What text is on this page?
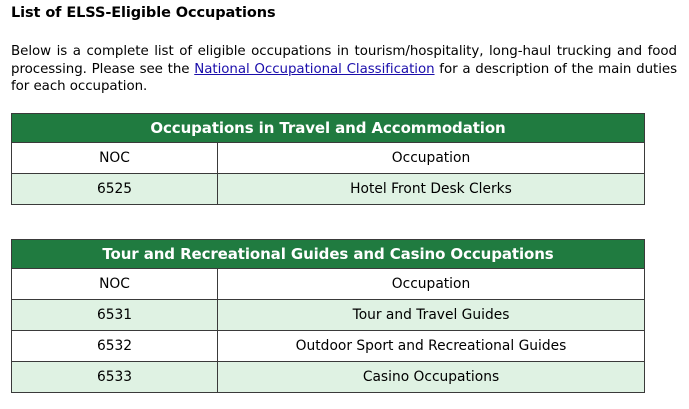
List of ELSS-Eligible Occupations

Below is a complete list of eligible occupations in tourism/hospitality, long-haul trucking and food processing. Please see the National Occupational Classification for a description of the main duties for each occupation.

Occupations in Travel and Accommodation	
NOC	Occupation
6525	Hotel Front Desk Clerks
Tour and Recreational Guides and Casino Occupations	
NOC	Occupation
6531	Tour and Travel Guides
6532	Outdoor Sport and Recreational Guides
6533	Casino Occupations
